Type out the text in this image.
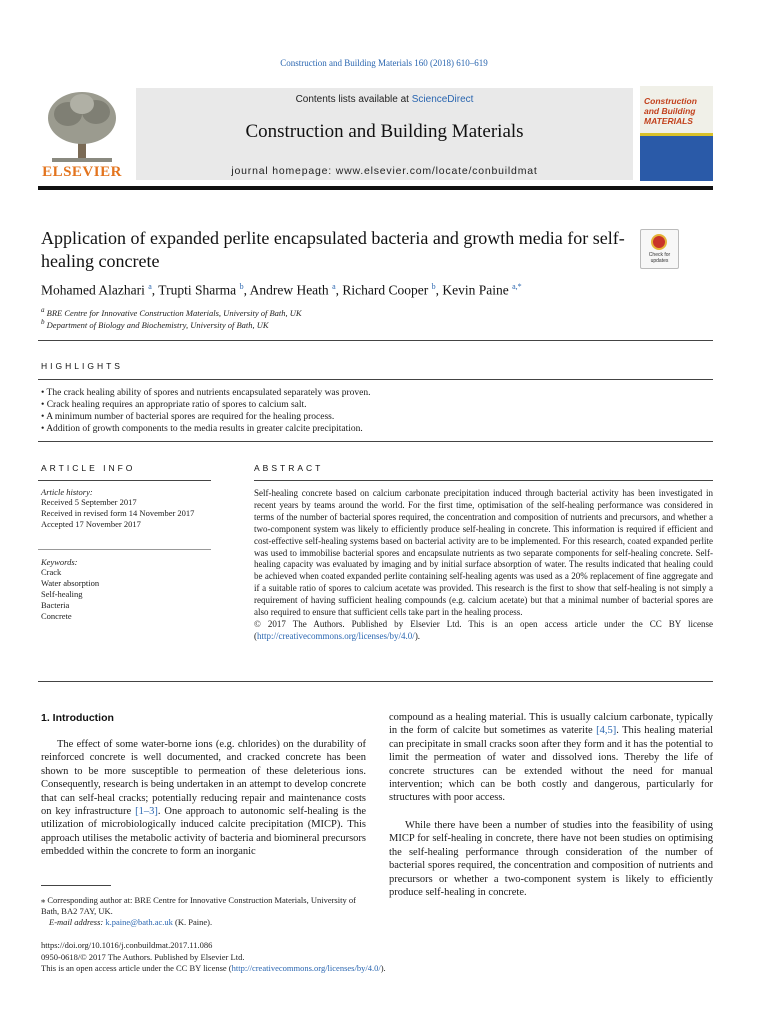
Construction and Building Materials 160 (2018) 610–619
ELSEVIER
Contents lists available at ScienceDirect
Construction and Building Materials
journal homepage: www.elsevier.com/locate/conbuildmat
Construction and Building MATERIALS
Application of expanded perlite encapsulated bacteria and growth media for self-healing concrete	Check for updates
Mohamed Alazhari $^a$, Trupti Sharma $^b$, Andrew Heath $^a$, Richard Cooper $^b$, Kevin Paine $^{a,*}$
$^a$ BRE Centre for Innovative Construction Materials, University of Bath, UK
$^b$ Department of Biology and Biochemistry, University of Bath, UK
HIGHLIGHTS
• The crack healing ability of spores and nutrients encapsulated separately was proven.
• Crack healing requires an appropriate ratio of spores to calcium salt.
• A minimum number of bacterial spores are required for the healing process.
• Addition of growth components to the media results in greater calcite precipitation.
ARTICLE INFO
Article history:
Received 5 September 2017
Received in revised form 14 November 2017
Accepted 17 November 2017
Keywords:
Crack
Water absorption
Self-healing
Bacteria
Concrete
ABSTRACT
Self-healing concrete based on calcium carbonate precipitation induced through bacterial activity has been investigated in recent years by teams around the world. For the first time, optimisation of the self-healing performance was considered in terms of the number of bacterial spores required, the concentration and composition of nutrients and precursors, and whether a two-component system was likely to efficiently produce self-healing in concrete. This information is required if efficient and cost-effective self-healing systems based on bacterial activity are to be implemented. For this research, coated expanded perlite was used to immobilise bacterial spores and encapsulate nutrients as two separate components for self-healing concrete. Self-healing capacity was evaluated by imaging and by initial surface absorption of water. The results indicated that healing could be achieved when coated expanded perlite containing self-healing agents was used as a 20% replacement of fine aggregate and if a suitable ratio of spores to calcium acetate was provided. This research is the first to show that self-healing is not simply a requirement of having sufficient healing compounds (e.g. calcium acetate) but that a minimal number of bacterial spores are also required to ensure that sufficient cells take part in the healing process.
© 2017 The Authors. Published by Elsevier Ltd. This is an open access article under the CC BY license (http://creativecommons.org/licenses/by/4.0/).
1. Introduction
The effect of some water-borne ions (e.g. chlorides) on the durability of reinforced concrete is well documented, and cracked concrete has been shown to be more susceptible to permeation of these deleterious ions. Consequently, research is being undertaken in an attempt to develop concrete that can self-heal cracks; potentially reducing repair and maintenance costs on key infrastructure [1–3]. One approach to autonomic self-healing is the utilization of microbiologically induced calcite precipitation (MICP). This approach utilises the metabolic activity of bacteria and biomineral precursors embedded within the concrete to form an inorganic
compound as a healing material. This is usually calcium carbonate, typically in the form of calcite but sometimes as vaterite [4,5]. This healing material can precipitate in small cracks soon after they form and it has the potential to limit the permeation of water and dissolved ions. Thereby the life of concrete structures can be extended without the need for manual intervention; which can be both costly and dangerous, particularly for structures with poor access.
While there have been a number of studies into the feasibility of using MICP for self-healing in concrete, there have not been studies on optimising the self-healing performance through consideration of the number of bacterial spores required, the concentration and composition of nutrients and precursors or whether a two-component system is likely to efficiently produce self-healing in concrete.
⁎ Corresponding author at: BRE Centre for Innovative Construction Materials, University of Bath, BA2 7AY, UK.
E-mail address: k.paine@bath.ac.uk (K. Paine).
https://doi.org/10.1016/j.conbuildmat.2017.11.086
0950-0618/© 2017 The Authors. Published by Elsevier Ltd.
This is an open access article under the CC BY license (http://creativecommons.org/licenses/by/4.0/).
